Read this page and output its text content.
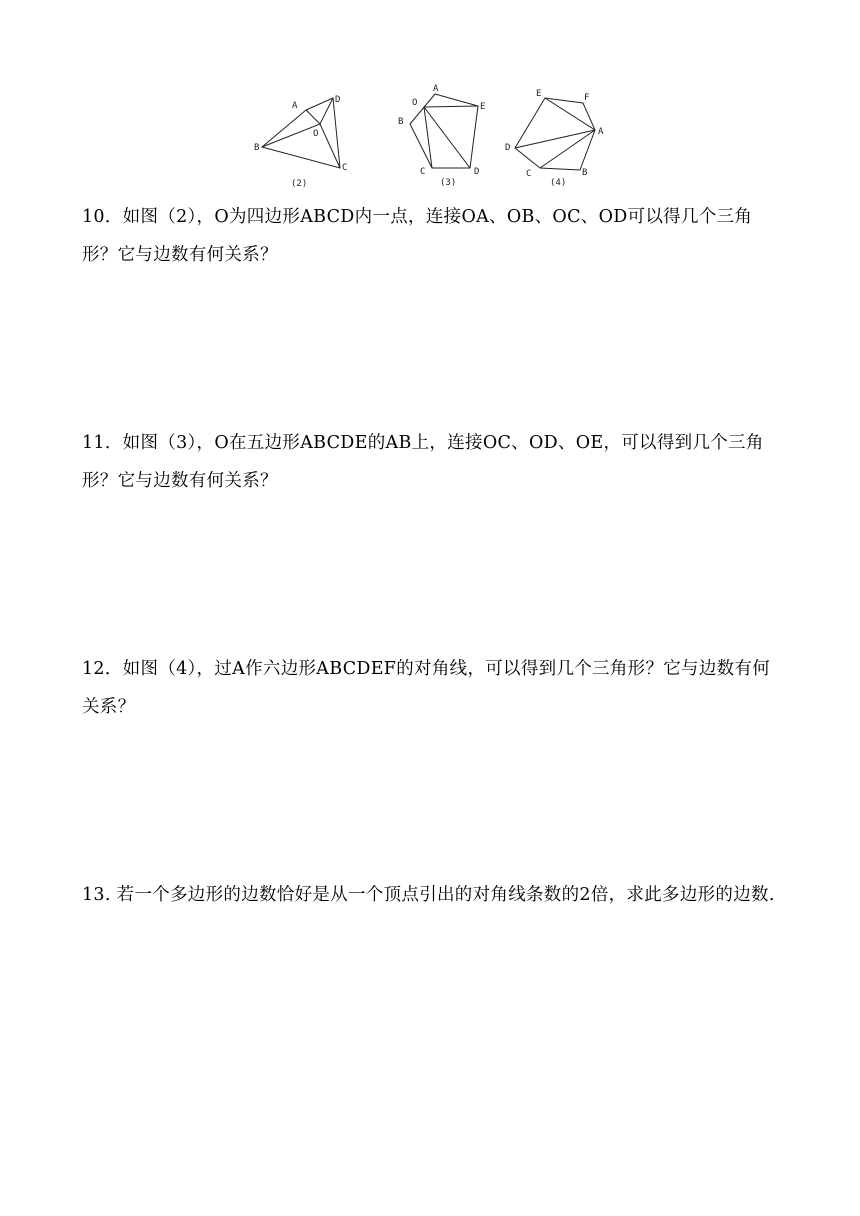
A
D
O
B
C
(2)
A
O	E
B
C	D
(3)
E	F
A
D
C	B
(4)
10．如图（2），O为四边形ABCD内一点，连接OA、OB、OC、OD可以得几个三角形？它与边数有何关系？
11．如图（3），O在五边形ABCDE的AB上，连接OC、OD、OE，可以得到几个三角形？它与边数有何关系？
12．如图（4），过A作六边形ABCDEF的对角线，可以得到几个三角形？它与边数有何关系？
13. 若一个多边形的边数恰好是从一个顶点引出的对角线条数的2倍，求此多边形的边数.
